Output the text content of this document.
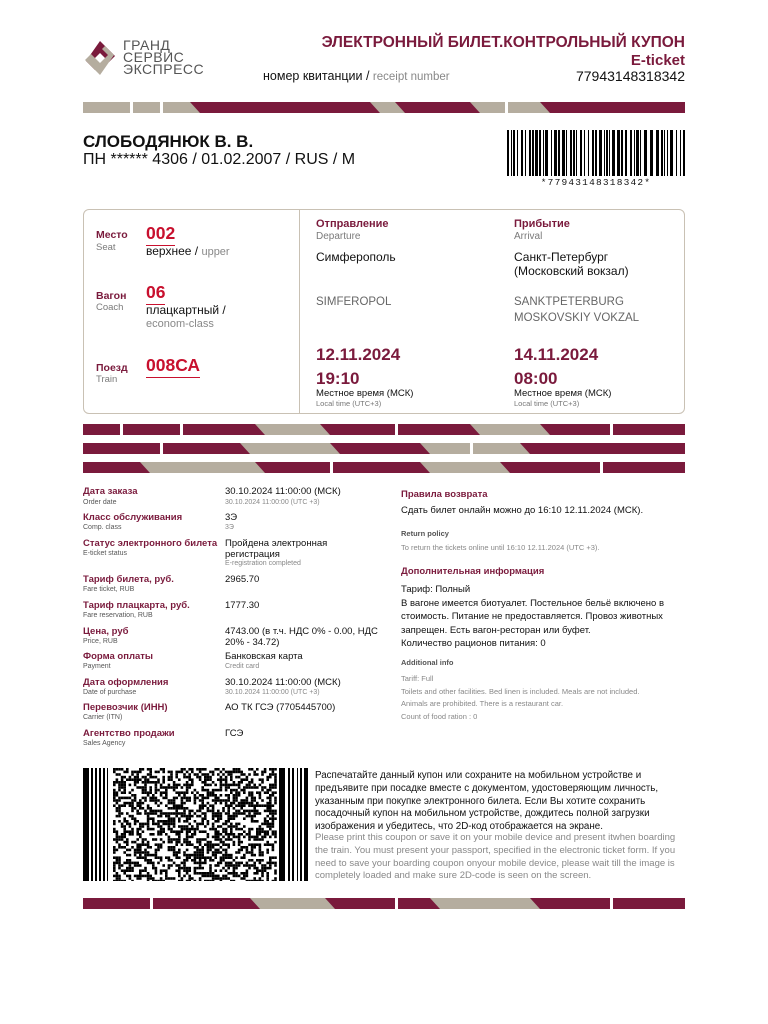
ГРАНД
СЕРВИС
ЭКСПРЕСС
ЭЛЕКТРОННЫЙ БИЛЕТ.КОНТРОЛЬНЫЙ КУПОН
E-ticket
номер квитанции / receipt number	77943148318342
СЛОБОДЯНЮК В. В.
ПН ****** 4306 / 01.02.2007 / RUS / M
*77943148318342*
Место
Seat
002
верхнее / upper
Вагон
Coach
06
плацкартный /
econom-class
Поезд
Train
008СА
Отправление
Departure
Симферополь
SIMFEROPOL
12.11.2024
19:10
Местное время (МСК)
Local time (UTC+3)
Прибытие
Arrival
Санкт-Петербург
(Московский вокзал)
SANKTPETERBURG
MOSKOVSKIY VOKZAL
14.11.2024
08:00
Местное время (МСК)
Local time (UTC+3)
Дата заказа
Order date
30.10.2024 11:00:00 (МСК)
30.10.2024 11:00:00 (UTC +3)
Класс обслуживания
Comp. class
3Э
3Э
Статус электронного билета
E-ticket status
Пройдена электронная регистрация
E-registration completed
Тариф билета, руб.
Fare ticket, RUB
2965.70
Тариф плацкарта, руб.
Fare reservation, RUB
1777.30
Цена, руб
Price, RUB
4743.00 (в т.ч. НДС 0% - 0.00, НДС 20% - 34.72)
Форма оплаты
Payment
Банковская карта
Credit card
Дата оформления
Date of purchase
30.10.2024 11:00:00 (МСК)
30.10.2024 11:00:00 (UTC +3)
Перевозчик (ИНН)
Carrier (ITN)
АО ТК ГСЭ (7705445700)
Агентство продажи
Sales Agency
ГСЭ
Правила возврата
Сдать билет онлайн можно до 16:10 12.11.2024 (МСК).
Return policy
To return the tickets online until 16:10 12.11.2024 (UTC +3).
Дополнительная информация
Тариф: Полный
В вагоне имеется биотуалет. Постельное бельё включено в
стоимость. Питание не предоставляется. Провоз животных
запрещен. Есть вагон-ресторан или буфет.
Количество рационов питания: 0
Additional info
Tariff: Full
Toilets and other facilities. Bed linen is included. Meals are not included.
Animals are prohibited. There is a restaurant car.
Count of food ration : 0
Распечатайте данный купон или сохраните на мобильном устройстве и предъявите при посадке вместе с документом, удостоверяющим личность, указанным при покупке электронного билета. Если Вы хотите сохранить посадочный купон на мобильном устройстве, дождитесь полной загрузки изображения и убедитесь, что 2D-код отображается на экране.
Please print this coupon or save it on your mobile device and present itwhen boarding the train. You must present your passport, specified in the electronic ticket form. If you need to save your boarding coupon onyour mobile device, please wait till the image is completely loaded and make sure 2D-code is seen on the screen.
